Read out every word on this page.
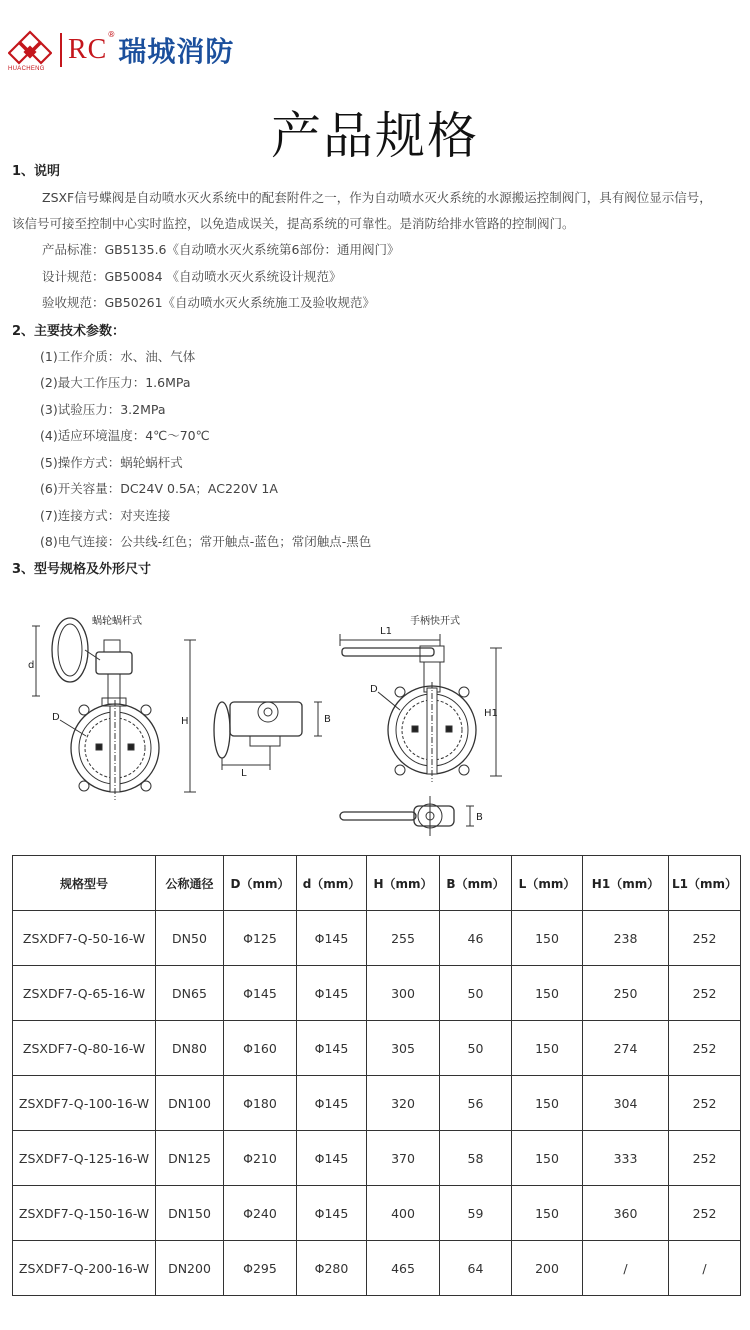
HUACHENG
RC ®
瑞城消防
产品规格
1、说明
ZSXF信号蝶阀是自动喷水灭火系统中的配套附件之一，作为自动喷水灭火系统的水源搬运控制阀门，具有阀位显示信号，
该信号可接至控制中心实时监控，以免造成误关，提高系统的可靠性。是消防给排水管路的控制阀门。
产品标准：GB5135.6《自动喷水灭火系统第6部份：通用阀门》
设计规范：GB50084 《自动喷水灭火系统设计规范》
验收规范：GB50261《自动喷水灭火系统施工及验收规范》
2、主要技术参数：
(1)工作介质：水、油、气体
(2)最大工作压力：1.6MPa
(3)试验压力：3.2MPa
(4)适应环境温度：4℃～70℃
(5)操作方式：蜗轮蜗杆式
(6)开关容量：DC24V 0.5A；AC220V 1A
(7)连接方式：对夹连接
(8)电气连接：公共线-红色；常开触点-蓝色；常闭触点-黑色
3、型号规格及外形尺寸
蜗轮蜗杆式	手柄快开式
d
D	H
L
B
L1
D
H1
B
规格型号	公称通径	D（mm）	d（mm）	H（mm）	B（mm）	L（mm）	H1（mm）	L1（mm）
ZSXDF7-Q-50-16-W	DN50	Φ125	Φ145	255	46	150	238	252
ZSXDF7-Q-65-16-W	DN65	Φ145	Φ145	300	50	150	250	252
ZSXDF7-Q-80-16-W	DN80	Φ160	Φ145	305	50	150	274	252
ZSXDF7-Q-100-16-W	DN100	Φ180	Φ145	320	56	150	304	252
ZSXDF7-Q-125-16-W	DN125	Φ210	Φ145	370	58	150	333	252
ZSXDF7-Q-150-16-W	DN150	Φ240	Φ145	400	59	150	360	252
ZSXDF7-Q-200-16-W	DN200	Φ295	Φ280	465	64	200	/	/
